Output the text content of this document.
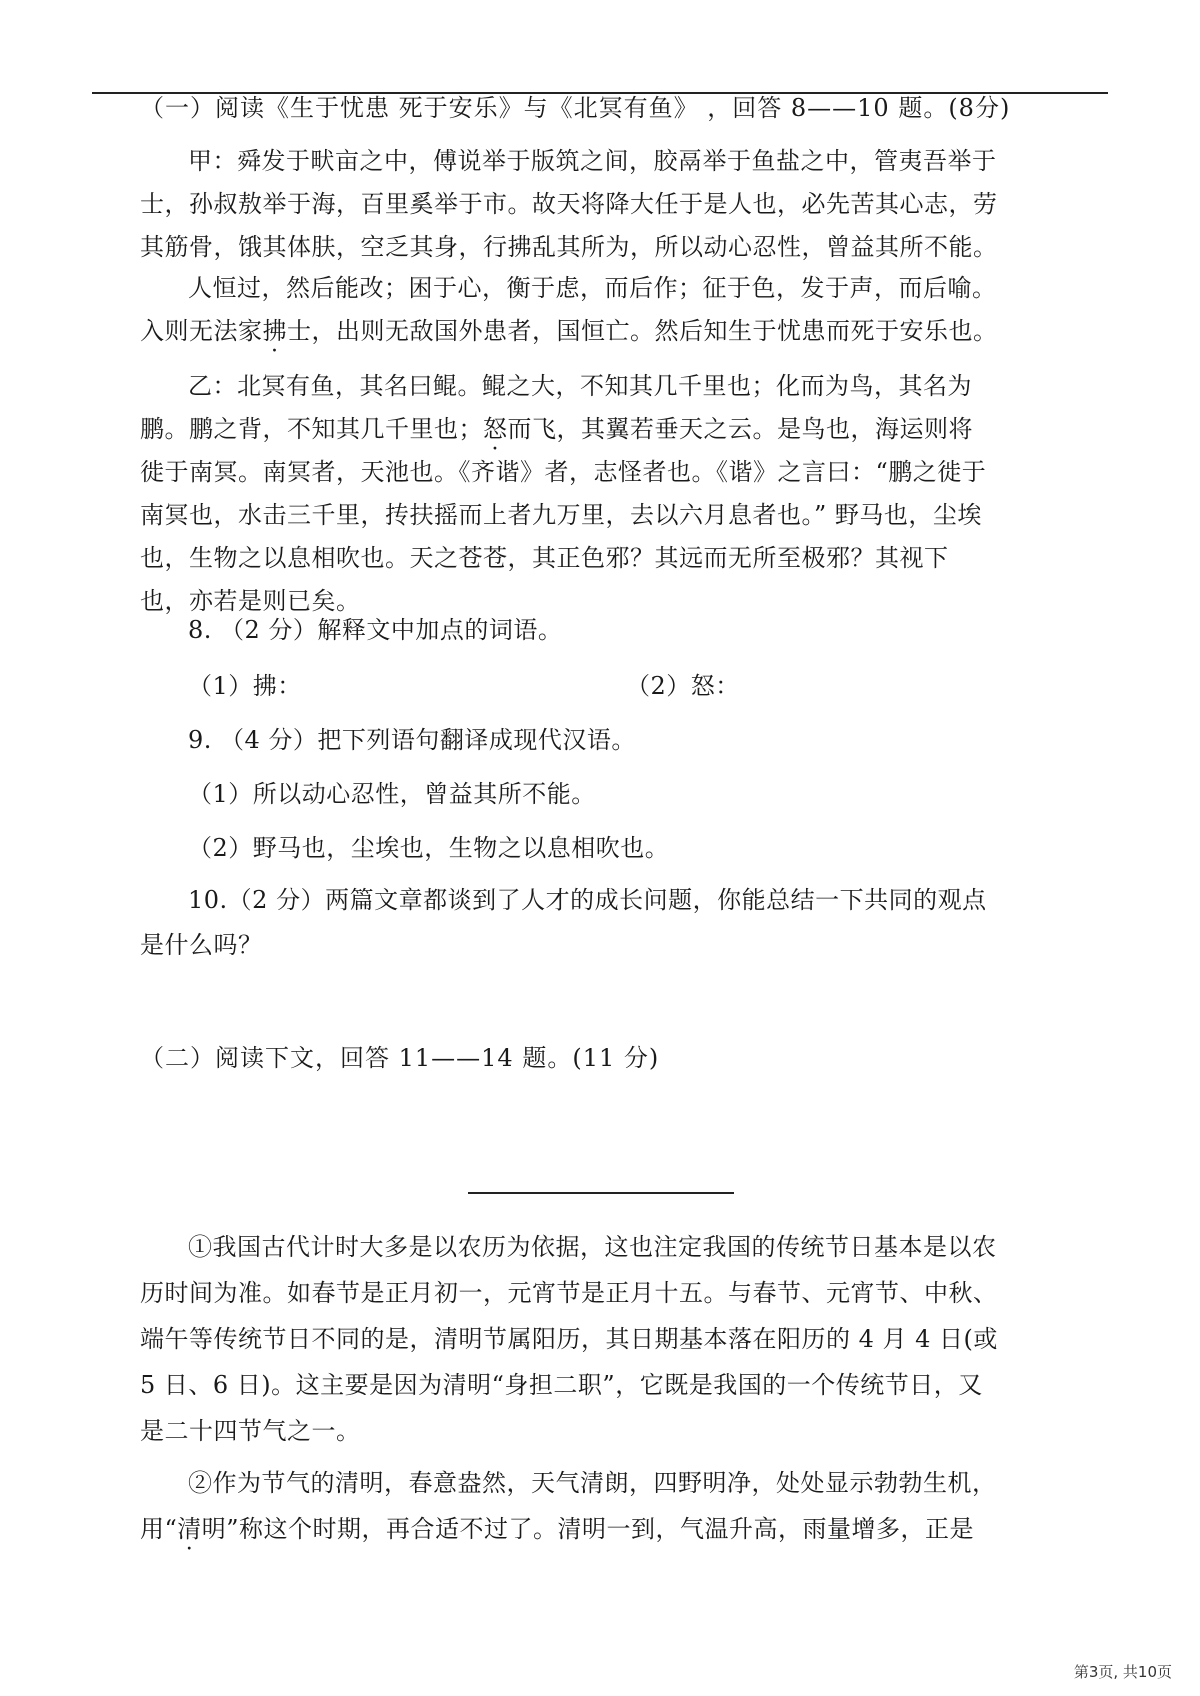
（一）阅读《生于忧患 死于安乐》与《北冥有鱼》 ，回答 8——10 题。(8分)
甲：舜发于畎亩之中，傅说举于版筑之间，胶鬲举于鱼盐之中，管夷吾举于
士，孙叔敖举于海，百里奚举于市。故天将降大任于是人也，必先苦其心志，劳
其筋骨，饿其体肤，空乏其身，行拂乱其所为，所以动心忍性，曾益其所不能。
人恒过，然后能改；困于心，衡于虑，而后作；征于色，发于声，而后喻。
入则无法家拂士，出则无敌国外患者，国恒亡。然后知生于忧患而死于安乐也。
乙：北冥有鱼，其名曰鲲。鲲之大，不知其几千里也；化而为鸟，其名为
鹏。鹏之背，不知其几千里也；怒而飞，其翼若垂天之云。是鸟也，海运则将
徙于南冥。南冥者，天池也。《齐谐》者，志怪者也。《谐》之言曰：“鹏之徙于
南冥也，水击三千里，抟扶摇而上者九万里，去以六月息者也。” 野马也，尘埃
也，生物之以息相吹也。天之苍苍，其正色邪？其远而无所至极邪？其视下
也，亦若是则已矣。
8. （2 分）解释文中加点的词语。
（1）拂：	（2）怒：
9. （4 分）把下列语句翻译成现代汉语。
（1）所以动心忍性，曾益其所不能。
（2）野马也，尘埃也，生物之以息相吹也。
10.（2 分）两篇文章都谈到了人才的成长问题，你能总结一下共同的观点
是什么吗？
（二）阅读下文，回答 11——14 题。(11 分)
①我国古代计时大多是以农历为依据，这也注定我国的传统节日基本是以农
历时间为准。如春节是正月初一，元宵节是正月十五。与春节、元宵节、中秋、
端午等传统节日不同的是，清明节属阳历，其日期基本落在阳历的 4 月 4 日(或
5 日、6 日)。这主要是因为清明“身担二职”，它既是我国的一个传统节日，又
是二十四节气之一。
②作为节气的清明，春意盎然，天气清朗，四野明净，处处显示勃勃生机，
用“清明”称这个时期，再合适不过了。清明一到，气温升高，雨量增多，正是
第3页, 共10页
